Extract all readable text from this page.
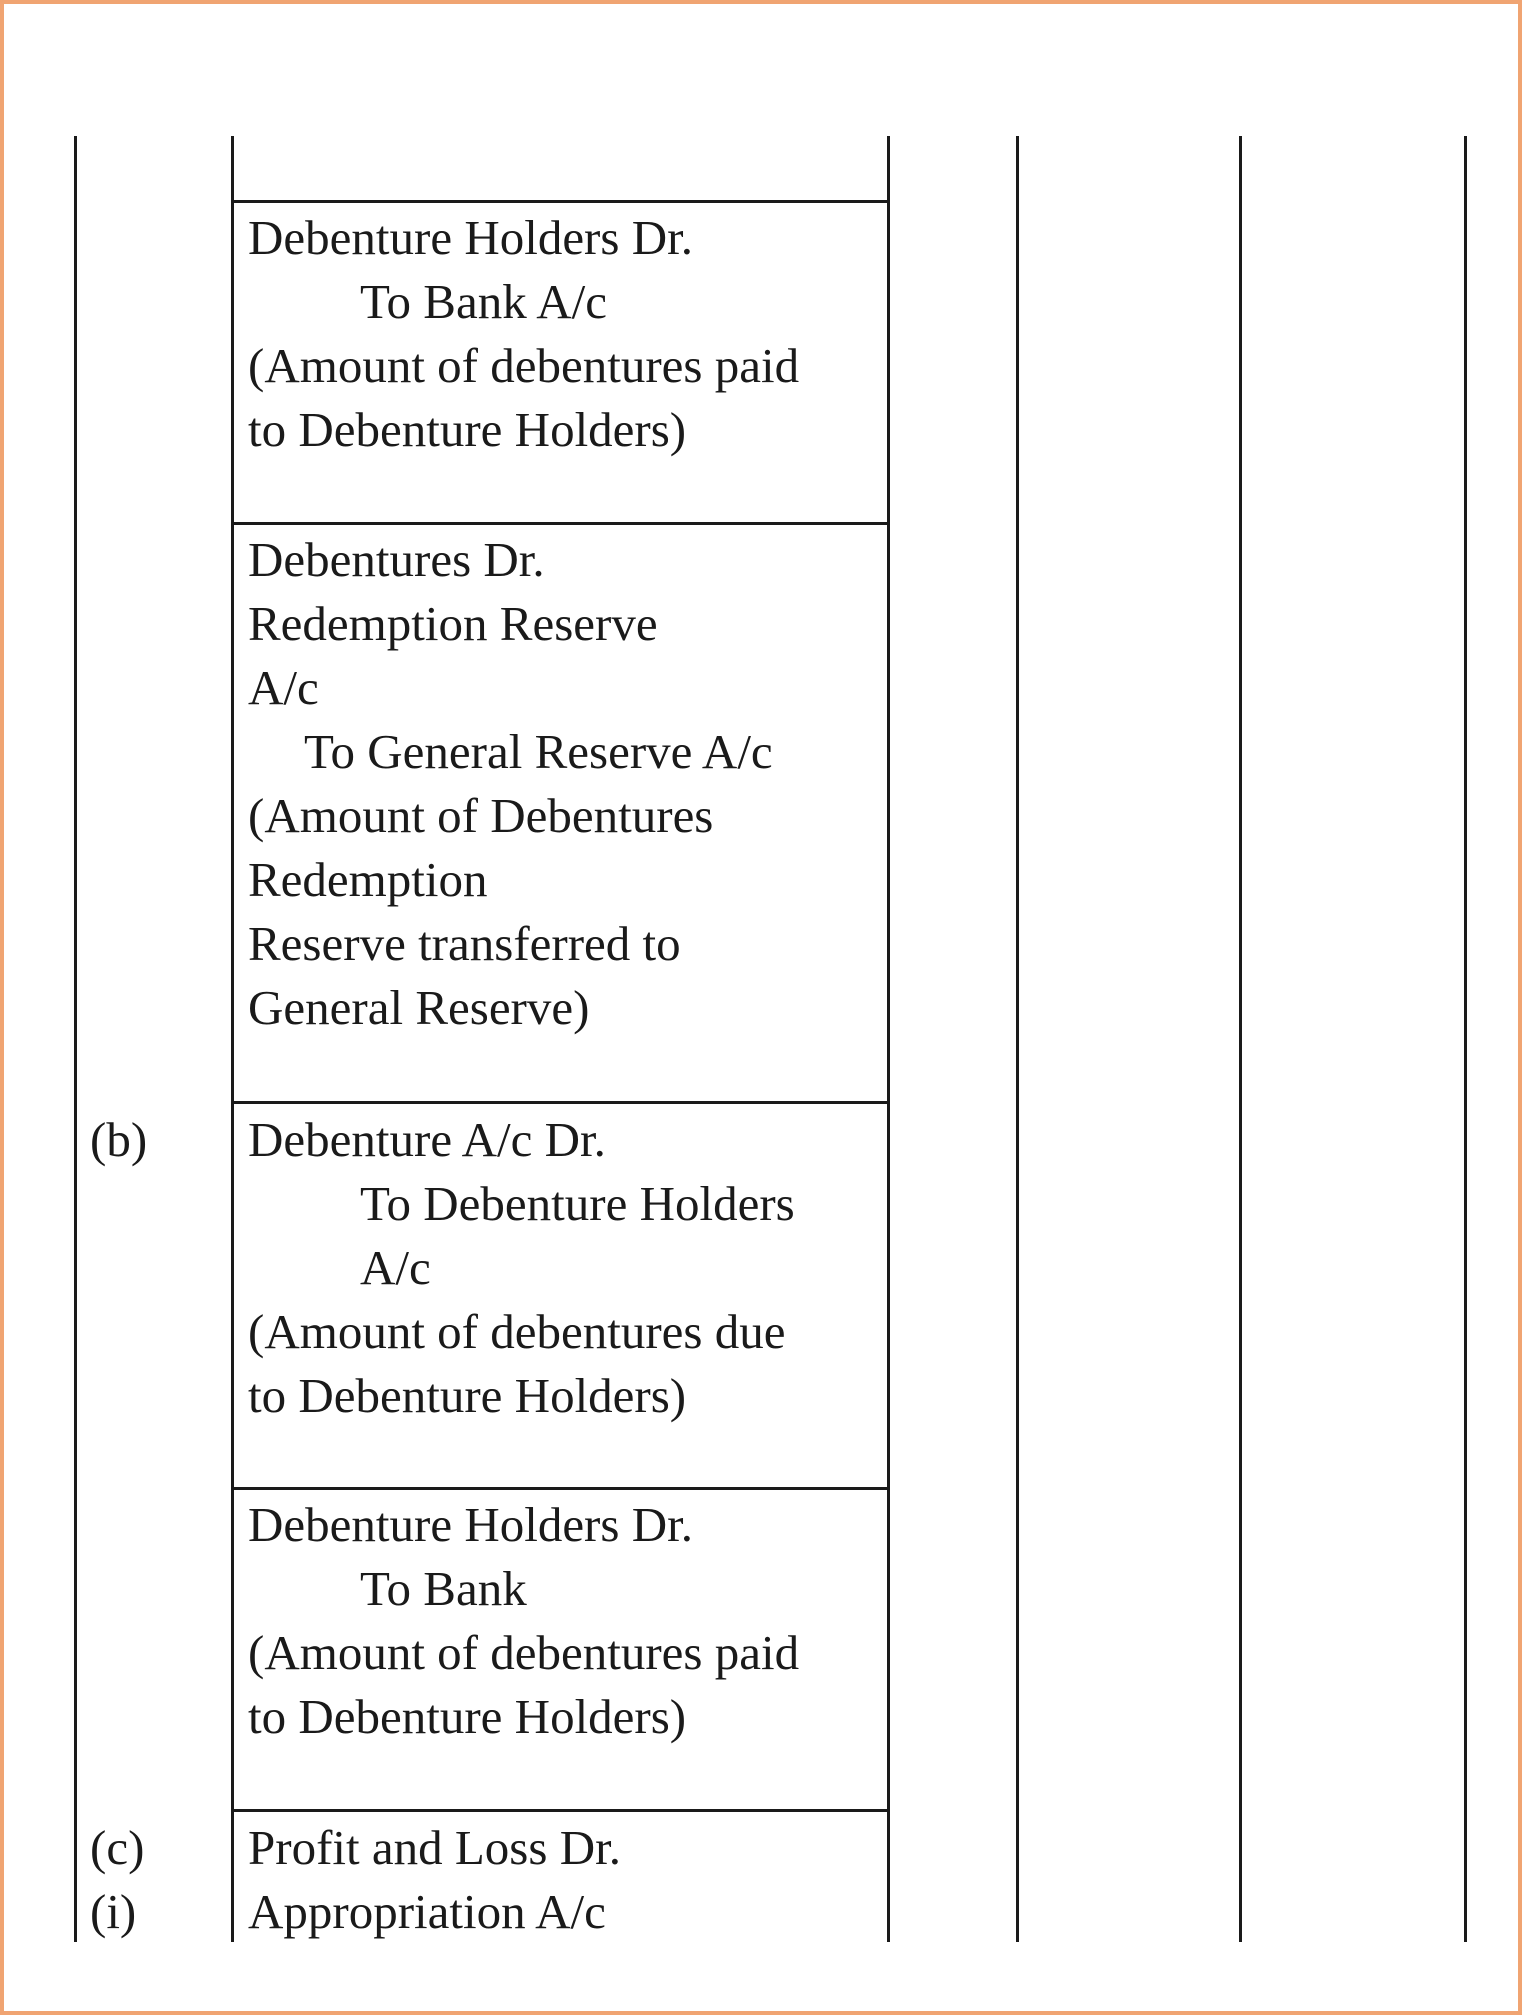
(b)
(c)
(i)
Debenture Holders Dr.
To Bank A/c
(Amount of debentures paid
to Debenture Holders)
Debentures Dr.
Redemption Reserve
A/c
To General Reserve A/c
(Amount of Debentures
Redemption
Reserve transferred to
General Reserve)
Debenture A/c Dr.
To Debenture Holders
A/c
(Amount of debentures due
to Debenture Holders)
Debenture Holders Dr.
To Bank
(Amount of debentures paid
to Debenture Holders)
Profit and Loss Dr.
Appropriation A/c
